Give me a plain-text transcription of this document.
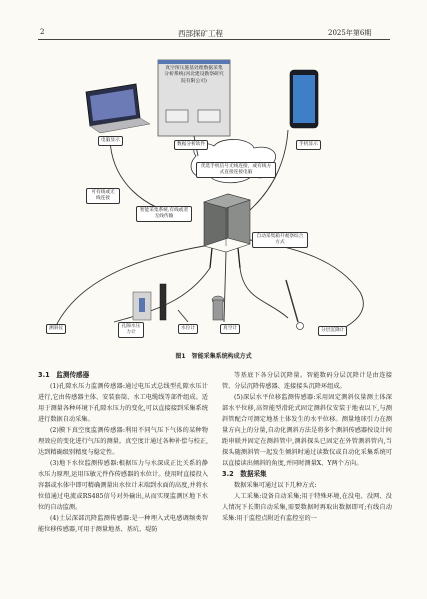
2	西部探矿工程	2025年第6期
真空预压施基处理数据采集分析系统(河北建设勘察研究院有限公司)
电脑显示
数据分析软件	手机显示
优选手机信号无线连接，或有线方式直接连接电脑
可有线或无线连接
智能采集系统,有线或者无线传输
自动采集箱升观察综合方式
测斜仪	孔隙水压力计
水位计	真空计	分层沉降计
图1　智能采集系统构成方式
3.1　监测传感器

(1)孔隙水压力监测传感器:通过电压式总线型孔隙水压计进行,它由传感器主体、安装套筒、水工电缆线等部件组成。适用于测量各种环境下孔隙水压力的变化,可以直接接到采集系统进行数据自动采集。

(2)膜下真空度监测传感器:利用不同气压下气体的某种物理效应的变化进行气压的测量。真空度计通过各种补偿与校正,达到精确级别精度与稳定性。

(3)地下水位监测传感器:根据压力与水深成正比关系的静水压力原理,运用压敏元件作传感器的水位计。使用时直接投入容器或水体中即可精确测量出水位计末端到水面的高度,并将水位值通过电流或RS485信号对外输出,从而实现监测区地下水位的自动监测。

(4)土层深部沉降监测传感器:是一种埋入式电感调频类智能位移传感器,可用于测量地基、基坑、堤防

等基底下各分层沉降量。智能数码分层沉降计是由连接管、分层沉降传感器、连接接头沉降环组成。

(5)深层水平位移监测传感器:采用固定测斜仪量测土体深部水平位移,高智能型滑轮式固定测斜仪安装于地表以下,与测斜管配合可测定地基土体发生的水平位移。测量地球引力在测量方向上的分量,自动化测斜方法是将多个测斜传感器按设计间距串联并固定在测斜管中,测斜探头已固定在外管测斜管内,当探头随测斜管一起发生倾斜时通过读数仪或自动化采集系统可以直接读出倾斜的角度,并同时测量X、Y两个方向。

3.2　数据采集

数据采集可通过以下几种方式:

人工采集:设备自动采集;用于特殊环境,在没电、没网、没人情况下长期自动采集,需要数据时再取出数据即可;有线自动采集:用于监控点附近有监控室的一
